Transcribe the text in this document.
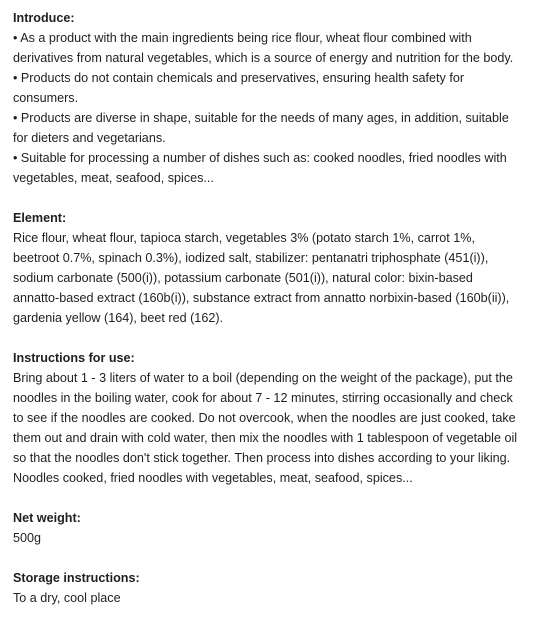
Introduce:

• As a product with the main ingredients being rice flour, wheat flour combined with derivatives from natural vegetables, which is a source of energy and nutrition for the body.

• Products do not contain chemicals and preservatives, ensuring health safety for consumers.

• Products are diverse in shape, suitable for the needs of many ages, in addition, suitable for dieters and vegetarians.

• Suitable for processing a number of dishes such as: cooked noodles, fried noodles with vegetables, meat, seafood, spices...

Element:

Rice flour, wheat flour, tapioca starch, vegetables 3% (potato starch 1%, carrot 1%, beetroot 0.7%, spinach 0.3%), iodized salt, stabilizer: pentanatri triphosphate (451(i)), sodium carbonate (500(i)), potassium carbonate (501(i)), natural color: bixin-based annatto-based extract (160b(i)), substance extract from annatto norbixin-based (160b(ii)), gardenia yellow (164), beet red (162).

Instructions for use:

Bring about 1 - 3 liters of water to a boil (depending on the weight of the package), put the noodles in the boiling water, cook for about 7 - 12 minutes, stirring occasionally and check to see if the noodles are cooked. Do not overcook, when the noodles are just cooked, take them out and drain with cold water, then mix the noodles with 1 tablespoon of vegetable oil so that the noodles don't stick together. Then process into dishes according to your liking. Noodles cooked, fried noodles with vegetables, meat, seafood, spices...

Net weight:

500g

Storage instructions:

To a dry, cool place
